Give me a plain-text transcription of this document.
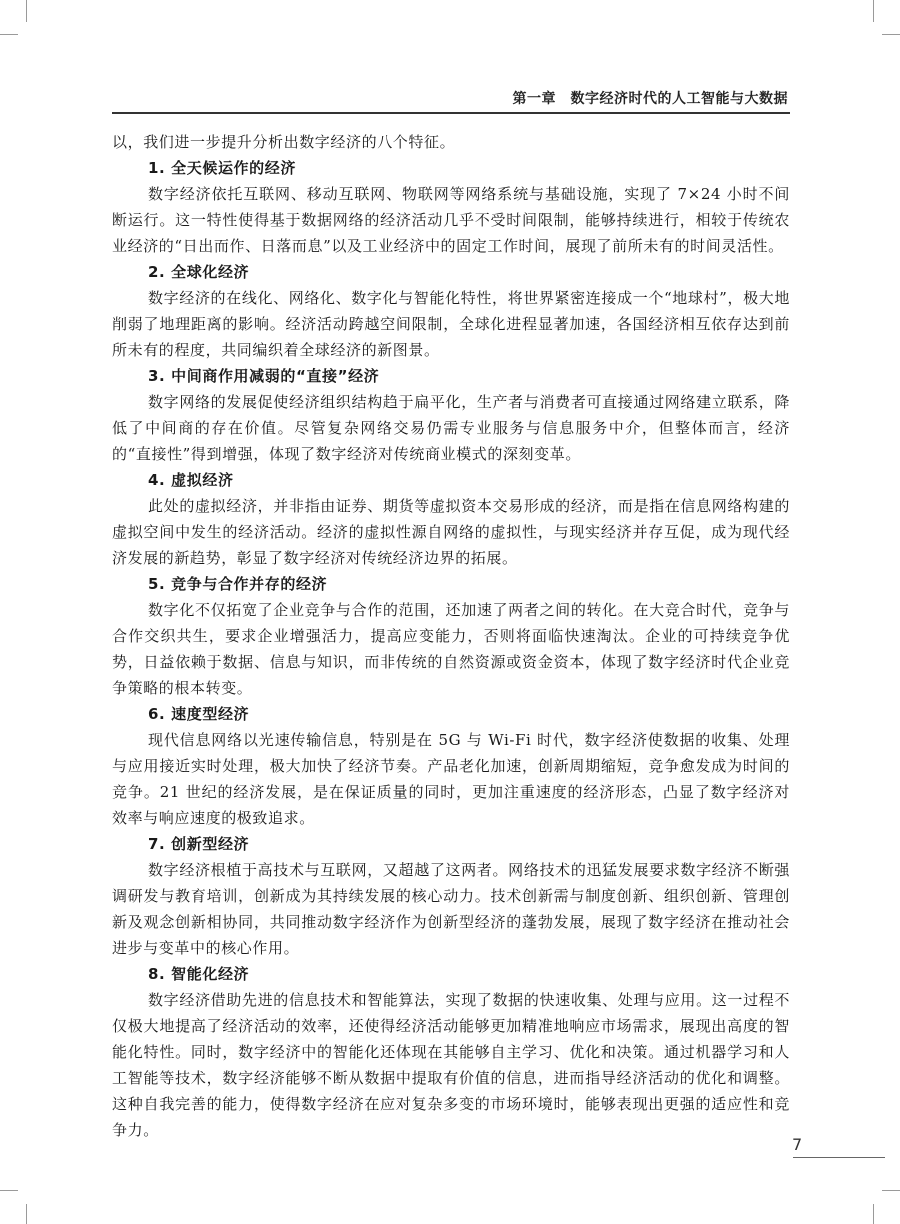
第一章　数字经济时代的人工智能与大数据

以，我们进一步提升分析出数字经济的八个特征。

1. 全天候运作的经济

数字经济依托互联网、移动互联网、物联网等网络系统与基础设施，实现了 7×24 小时不间断运行。这一特性使得基于数据网络的经济活动几乎不受时间限制，能够持续进行，相较于传统农业经济的“日出而作、日落而息”以及工业经济中的固定工作时间，展现了前所未有的时间灵活性。

2. 全球化经济

数字经济的在线化、网络化、数字化与智能化特性，将世界紧密连接成一个“地球村”，极大地削弱了地理距离的影响。经济活动跨越空间限制，全球化进程显著加速，各国经济相互依存达到前所未有的程度，共同编织着全球经济的新图景。

3. 中间商作用减弱的“直接”经济

数字网络的发展促使经济组织结构趋于扁平化，生产者与消费者可直接通过网络建立联系，降低了中间商的存在价值。尽管复杂网络交易仍需专业服务与信息服务中介，但整体而言，经济的“直接性”得到增强，体现了数字经济对传统商业模式的深刻变革。

4. 虚拟经济

此处的虚拟经济，并非指由证券、期货等虚拟资本交易形成的经济，而是指在信息网络构建的虚拟空间中发生的经济活动。经济的虚拟性源自网络的虚拟性，与现实经济并存互促，成为现代经济发展的新趋势，彰显了数字经济对传统经济边界的拓展。

5. 竞争与合作并存的经济

数字化不仅拓宽了企业竞争与合作的范围，还加速了两者之间的转化。在大竞合时代，竞争与合作交织共生，要求企业增强活力，提高应变能力，否则将面临快速淘汰。企业的可持续竞争优势，日益依赖于数据、信息与知识，而非传统的自然资源或资金资本，体现了数字经济时代企业竞争策略的根本转变。

6. 速度型经济

现代信息网络以光速传输信息，特别是在 5G 与 Wi-Fi 时代，数字经济使数据的收集、处理与应用接近实时处理，极大加快了经济节奏。产品老化加速，创新周期缩短，竞争愈发成为时间的竞争。21 世纪的经济发展，是在保证质量的同时，更加注重速度的经济形态，凸显了数字经济对效率与响应速度的极致追求。

7. 创新型经济

数字经济根植于高技术与互联网，又超越了这两者。网络技术的迅猛发展要求数字经济不断强调研发与教育培训，创新成为其持续发展的核心动力。技术创新需与制度创新、组织创新、管理创新及观念创新相协同，共同推动数字经济作为创新型经济的蓬勃发展，展现了数字经济在推动社会进步与变革中的核心作用。

8. 智能化经济

数字经济借助先进的信息技术和智能算法，实现了数据的快速收集、处理与应用。这一过程不仅极大地提高了经济活动的效率，还使得经济活动能够更加精准地响应市场需求，展现出高度的智能化特性。同时，数字经济中的智能化还体现在其能够自主学习、优化和决策。通过机器学习和人工智能等技术，数字经济能够不断从数据中提取有价值的信息，进而指导经济活动的优化和调整。这种自我完善的能力，使得数字经济在应对复杂多变的市场环境时，能够表现出更强的适应性和竞争力。

7
